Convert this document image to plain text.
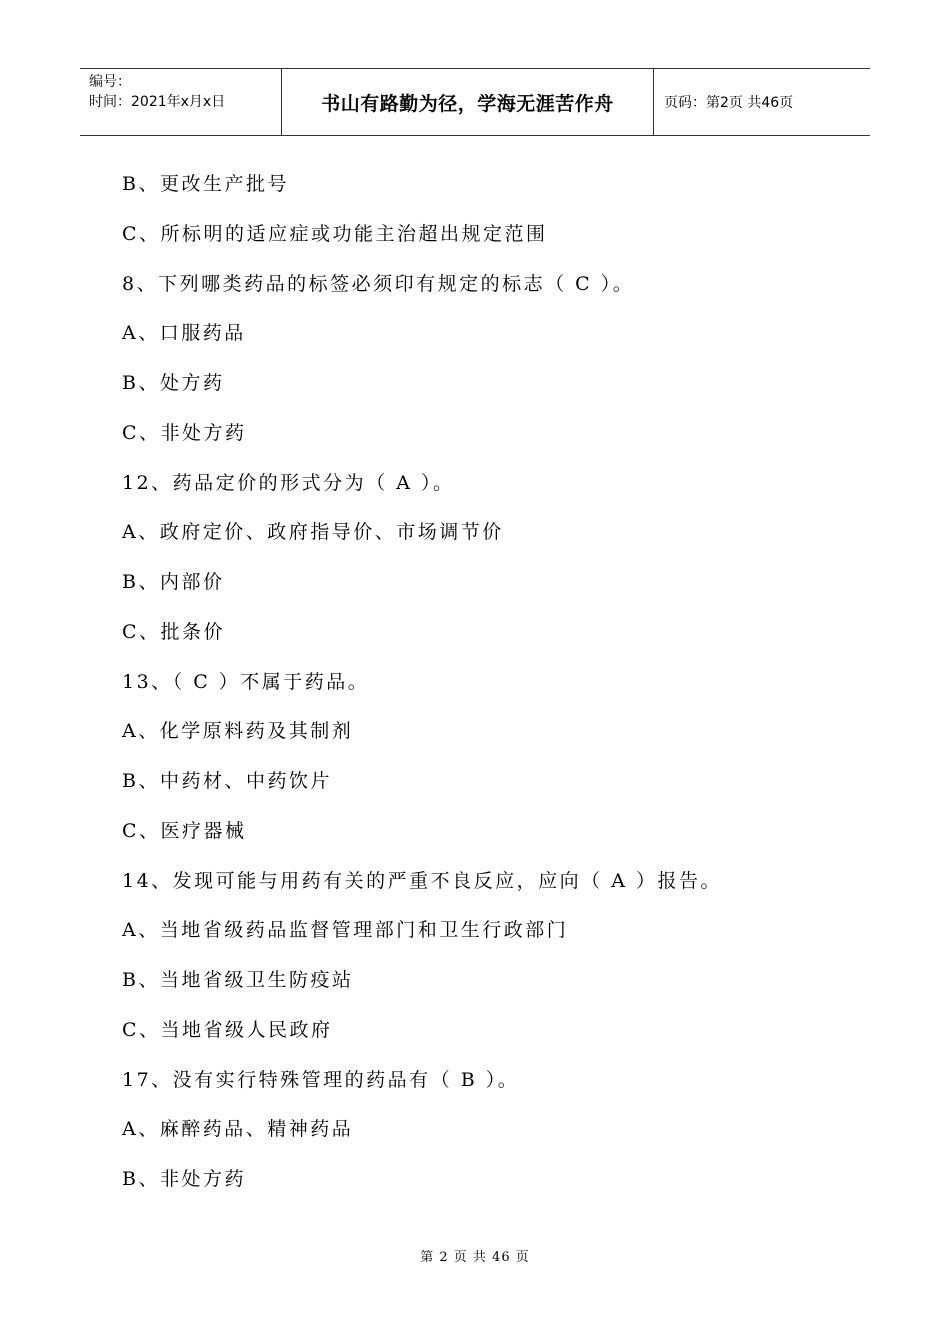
编号：
时间：2021年x月x日	书山有路勤为径，学海无涯苦作舟	页码：第2页 共46页
B、更改生产批号
C、所标明的适应症或功能主治超出规定范围
8、下列哪类药品的标签必须印有规定的标志（ C ）。
A、口服药品
B、处方药
C、非处方药
12、药品定价的形式分为（ A ）。
A、政府定价、政府指导价、市场调节价
B、内部价
C、批条价
13、（ C ）不属于药品。
A、化学原料药及其制剂
B、中药材、中药饮片
C、医疗器械
14、发现可能与用药有关的严重不良反应，应向（ A ）报告。
A、当地省级药品监督管理部门和卫生行政部门
B、当地省级卫生防疫站
C、当地省级人民政府
17、没有实行特殊管理的药品有（ B ）。
A、麻醉药品、精神药品
B、非处方药
第 2 页 共 46 页
